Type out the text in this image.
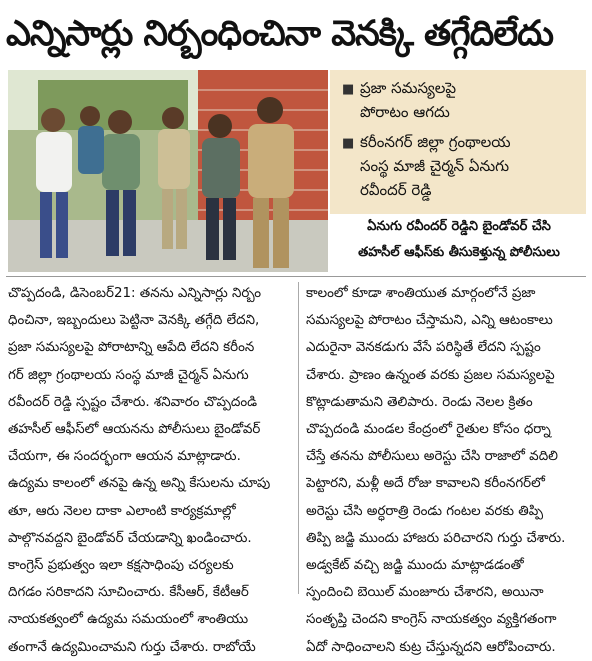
ఎన్నిసార్లు నిర్బంధించినా వెనక్కి తగ్గేదిలేదు
■ ప్రజా సమస్యలపై
పోరాటం ఆగదు
■ కరీంనగర్ జిల్లా గ్రంథాలయ
సంస్థ మాజీ చైర్మన్ ఏనుగు
రవీందర్ రెడ్డి
ఏనుగు రవీందర్ రెడ్డిని బైండోవర్ చేసి
తహసీల్ ఆఫీస్‌కు తీసుకెళ్తున్న పోలీసులు
చొప్పదండి, డిసెంబర్21: తనను ఎన్నిసార్లు నిర్బం
ధించినా, ఇబ్బందులు పెట్టినా వెనక్కి తగ్గేది లేదని,
ప్రజా సమస్యలపై పోరాటాన్ని ఆపేది లేదని కరీంన
గర్ జిల్లా గ్రంథాలయ సంస్థ మాజీ చైర్మన్ ఏనుగు
రవీందర్ రెడ్డి స్పష్టం చేశారు. శనివారం చొప్పదండి
తహసీల్ ఆఫీస్‌లో ఆయనను పోలీసులు బైండోవర్
చేయగా, ఈ సందర్భంగా ఆయన మాట్లాడారు.
ఉద్యమ కాలంలో తనపై ఉన్న అన్ని కేసులను చూపు
తూ, ఆరు నెలల దాకా ఎలాంటి కార్యక్రమాల్లో
పాల్గొనవద్దని బైండోవర్ చేయడాన్ని ఖండించారు.
కాంగ్రెస్ ప్రభుత్వం ఇలా కక్షసాధింపు చర్యలకు
దిగడం సరికాదని సూచించారు. కేసీఆర్, కేటీఆర్
నాయకత్వంలో ఉద్యమ సమయంలో శాంతియు
తంగానే ఉద్యమించామని గుర్తు చేశారు. రాబోయే
కాలంలో కూడా శాంతియుత మార్గంలోనే ప్రజా
సమస్యలపై పోరాటం చేస్తామని, ఎన్ని ఆటంకాలు
ఎదురైనా వెనకడుగు వేసే పరిస్థితే లేదని స్పష్టం
చేశారు. ప్రాణం ఉన్నంత వరకు ప్రజల సమస్యలపై
కొట్లాడుతామని తెలిపారు. రెండు నెలల క్రితం
చొప్పదండి మండల కేంద్రంలో రైతుల కోసం ధర్నా
చేస్తే తనను పోలీసులు అరెస్టు చేసి రాజాలో వదిలి
పెట్టారని, మళ్లీ అదే రోజు కావాలని కరీంనగర్‌లో
అరెస్టు చేసి అర్ధరాత్రి రెండు గంటల వరకు తిప్పి
తిప్పి జడ్జి ముందు హాజరు పరిచారని గుర్తు చేశారు.
అడ్వకేట్ వచ్చి జడ్జి ముందు మాట్లాడడంతో
స్పందించి బెయిల్ మంజూరు చేశారని, అయినా
సంతృప్తి చెందని కాంగ్రెస్ నాయకత్వం వ్యక్తిగతంగా
ఏదో సాధించాలని కుట్ర చేస్తున్నదని ఆరోపించారు.
